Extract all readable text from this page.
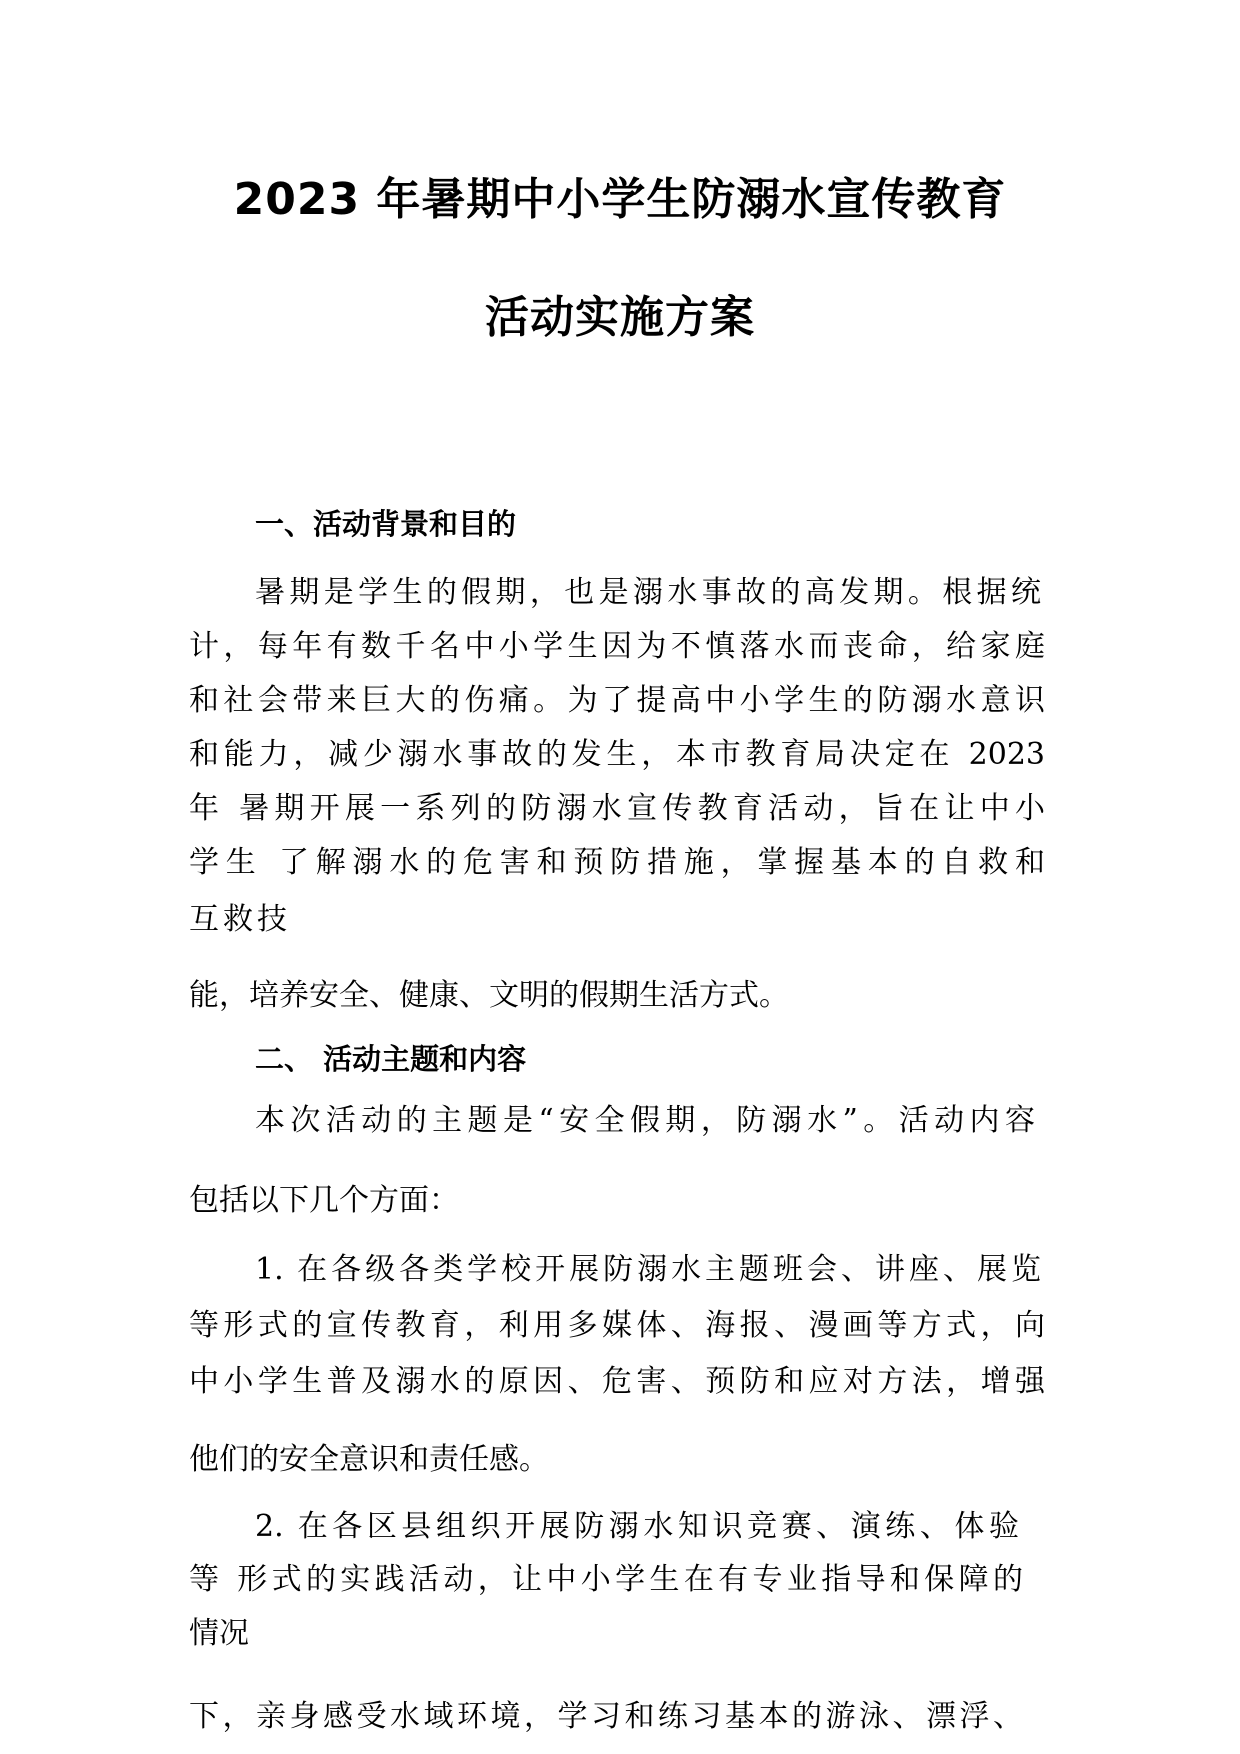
2023 年暑期中小学生防溺水宣传教育
活动实施方案
一、活动背景和目的
暑期是学生的假期，也是溺水事故的高发期。根据统
计，每年有数千名中小学生因为不慎落水而丧命，给家庭
和社会带来巨大的伤痛。为了提高中小学生的防溺水意识
和能力，减少溺水事故的发生，本市教育局决定在 2023
年 暑期开展一系列的防溺水宣传教育活动，旨在让中小
学生 了解溺水的危害和预防措施，掌握基本的自救和
互救技
能，培养安全、健康、文明的假期生活方式。
二、 活动主题和内容
本次活动的主题是“安全假期，防溺水”。活动内容
包括以下几个方面：
1. 在各级各类学校开展防溺水主题班会、讲座、展览
等形式的宣传教育，利用多媒体、海报、漫画等方式，向
中小学生普及溺水的原因、危害、预防和应对方法，增强
他们的安全意识和责任感。
2. 在各区县组织开展防溺水知识竞赛、演练、体验
等 形式的实践活动，让中小学生在有专业指导和保障的
情况
下，亲身感受水域环境，学习和练习基本的游泳、漂浮、
